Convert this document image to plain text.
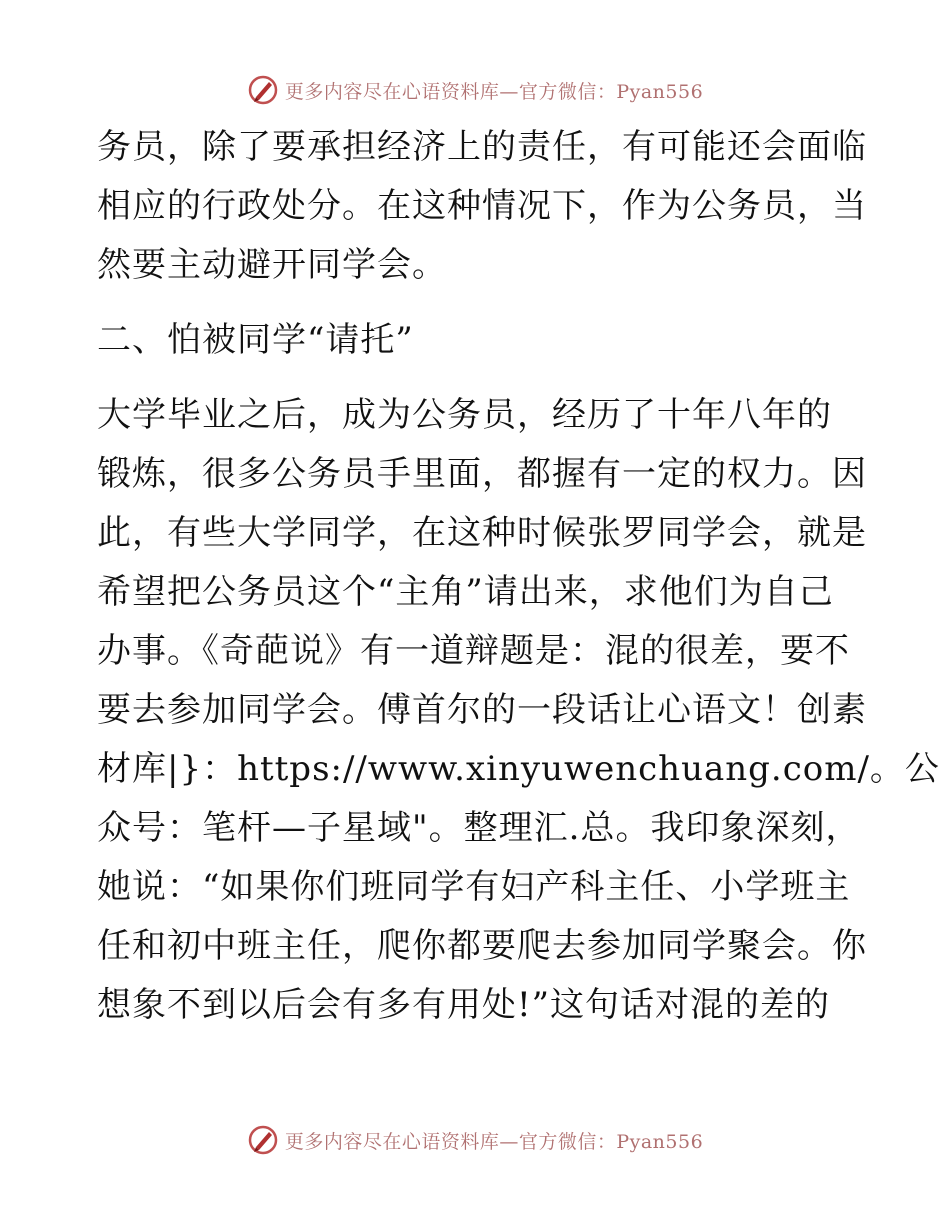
更多内容尽在心语资料库—官方微信：Pyan556
务员，除了要承担经济上的责任，有可能还会面临
相应的行政处分。在这种情况下，作为公务员，当
然要主动避开同学会。
二、怕被同学“请托”
大学毕业之后，成为公务员，经历了十年八年的
锻炼，很多公务员手里面，都握有一定的权力。因
此，有些大学同学，在这种时候张罗同学会，就是
希望把公务员这个“主角”请出来，求他们为自己
办事。《奇葩说》有一道辩题是：混的很差，要不
要去参加同学会。傅首尔的一段话让心语文！创素
材库|}：https://www.xinyuwenchuang.com/。公
众号：笔杆—子星域"。整理汇.总。我印象深刻，
她说：“如果你们班同学有妇产科主任、小学班主
任和初中班主任，爬你都要爬去参加同学聚会。你
想象不到以后会有多有用处!”这句话对混的差的
更多内容尽在心语资料库—官方微信：Pyan556
